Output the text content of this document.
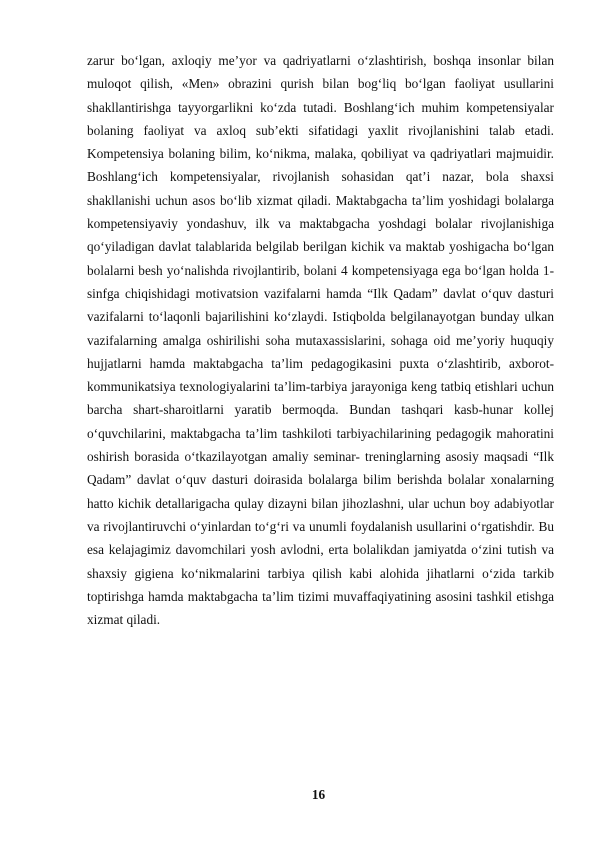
zarur bo‘lgan, axloqiy me’yor va qadriyatlarni o‘zlashtirish, boshqa insonlar bilan muloqot qilish, «Men» obrazini qurish bilan bog‘liq bo‘lgan faoliyat usullarini shakllantirishga tayyorgarlikni ko‘zda tutadi. Boshlang‘ich muhim kompetensiyalar bolaning faoliyat va axloq sub’ekti sifatidagi yaxlit rivojlanishini talab etadi. Kompetensiya bolaning bilim, ko‘nikma, malaka, qobiliyat va qadriyatlari majmuidir. Boshlang‘ich kompetensiyalar, rivojlanish sohasidan qat’i nazar, bola shaxsi shakllanishi uchun asos bo‘lib xizmat qiladi. Maktabgacha ta’lim yoshidagi bolalarga kompetensiyaviy yondashuv, ilk va maktabgacha yoshdagi bolalar rivojlanishiga qo‘yiladigan davlat talablarida belgilab berilgan kichik va maktab yoshigacha bo‘lgan bolalarni besh yo‘nalishda rivojlantirib, bolani 4 kompetensiyaga ega bo‘lgan holda 1-sinfga chiqishidagi motivatsion vazifalarni hamda “Ilk Qadam” davlat o‘quv dasturi vazifalarni to‘laqonli bajarilishini ko‘zlaydi. Istiqbolda belgilanayotgan bunday ulkan vazifalarning amalga oshirilishi soha mutaxassislarini, sohaga oid me’yoriy huquqiy hujjatlarni hamda maktabgacha ta’lim pedagogikasini puxta o‘zlashtirib, axborot-kommunikatsiya texnologiyalarini ta’lim-tarbiya jarayoniga keng tatbiq etishlari uchun barcha shart-sharoitlarni yaratib bermoqda. Bundan tashqari kasb-hunar kollej o‘quvchilarini, maktabgacha ta’lim tashkiloti tarbiyachilarining pedagogik mahoratini oshirish borasida o‘tkazilayotgan amaliy seminar- treninglarning asosiy maqsadi “Ilk Qadam” davlat o‘quv dasturi doirasida bolalarga bilim berishda bolalar xonalarning hatto kichik detallarigacha qulay dizayni bilan jihozlashni, ular uchun boy adabiyotlar va rivojlantiruvchi o‘yinlardan to‘g‘ri va unumli foydalanish usullarini o‘rgatishdir. Bu esa kelajagimiz davomchilari yosh avlodni, erta bolalikdan jamiyatda o‘zini tutish va shaxsiy gigiena ko‘nikmalarini tarbiya qilish kabi alohida jihatlarni o‘zida tarkib toptirishga hamda maktabgacha ta’lim tizimi muvaffaqiyatining asosini tashkil etishga xizmat qiladi.

16
